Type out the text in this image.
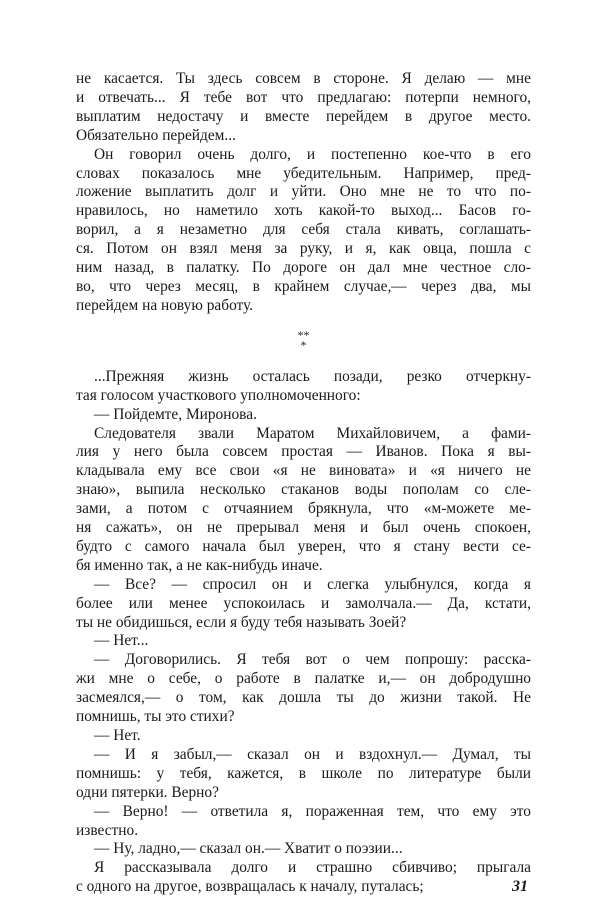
не касается. Ты здесь совсем в стороне. Я делаю — мне
и отвечать... Я тебе вот что предлагаю: потерпи немного,
выплатим недостачу и вместе перейдем в другое место.
Обязательно перейдем...

Он говорил очень долго, и постепенно кое-что в его
словах показалось мне убедительным. Например, пред-
ложение выплатить долг и уйти. Оно мне не то что по-
нравилось, но наметило хоть какой-то выход... Басов го-
ворил, а я незаметно для себя стала кивать, соглашать-
ся. Потом он взял меня за руку, и я, как овца, пошла с
ним назад, в палатку. По дороге он дал мне честное сло-
во, что через месяц, в крайнем случае,— через два, мы
перейдем на новую работу.

**
*

...Прежняя жизнь осталась позади, резко отчеркну-
тая голосом участкового уполномоченного:

— Пойдемте, Миронова.

Следователя звали Маратом Михайловичем, а фами-
лия у него была совсем простая — Иванов. Пока я вы-
кладывала ему все свои «я не виновата» и «я ничего не
знаю», выпила несколько стаканов воды пополам со сле-
зами, а потом с отчаянием брякнула, что «м-можете ме-
ня сажать», он не прерывал меня и был очень спокоен,
будто с самого начала был уверен, что я стану вести се-
бя именно так, а не как-нибудь иначе.

— Все? — спросил он и слегка улыбнулся, когда я
более или менее успокоилась и замолчала.— Да, кстати,
ты не обидишься, если я буду тебя называть Зоей?

— Нет...

— Договорились. Я тебя вот о чем попрошу: расска-
жи мне о себе, о работе в палатке и,— он добродушно
засмеялся,— о том, как дошла ты до жизни такой. Не
помнишь, ты это стихи?

— Нет.

— И я забыл,— сказал он и вздохнул.— Думал, ты
помнишь: у тебя, кажется, в школе по литературе были
одни пятерки. Верно?

— Верно! — ответила я, пораженная тем, что ему это
известно.

— Ну, ладно,— сказал он.— Хватит о поэзии...

Я рассказывала долго и страшно сбивчиво; прыгала
с одного на другое, возвращалась к началу, путалась;	31
